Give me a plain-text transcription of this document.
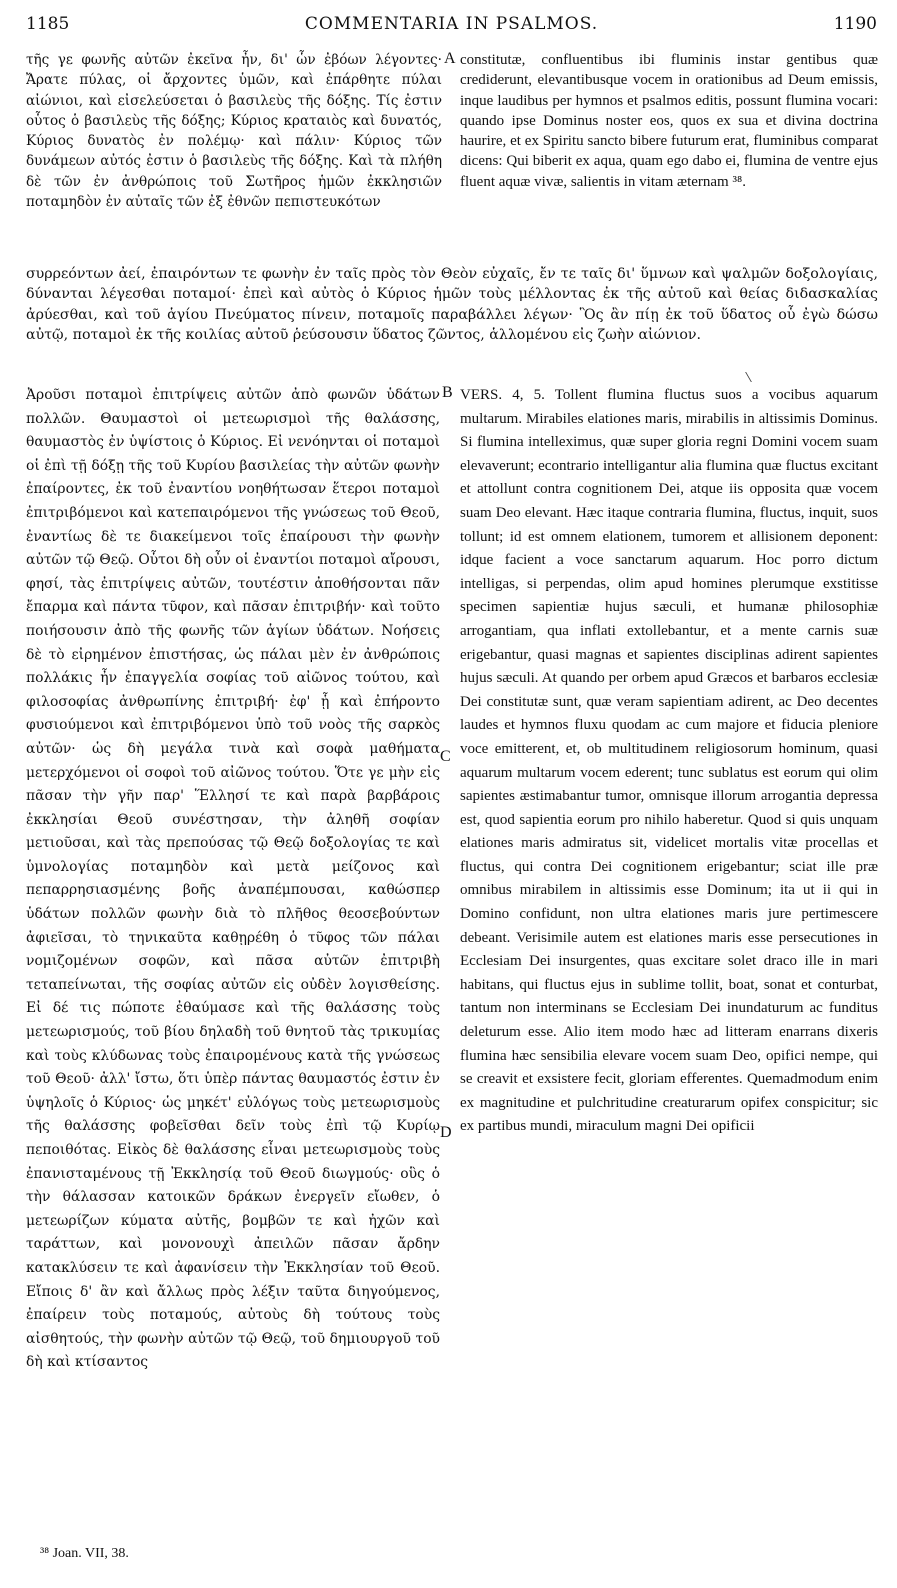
1185	COMMENTARIA IN PSALMOS.	1190

τῆς γε φωνῆς αὐτῶν ἐκεῖνα ἦν, δι' ὧν ἐβόων λέγοντες· Ἄρατε πύλας, οἱ ἄρχοντες ὑμῶν, καὶ ἐπάρθητε πύλαι αἰώνιοι, καὶ εἰσελεύσεται ὁ βασιλεὺς τῆς δόξης. Τίς ἐστιν οὗτος ὁ βασιλεὺς τῆς δόξης; Κύριος κραταιὸς καὶ δυνατός, Κύριος δυνατὸς ἐν πολέμῳ· καὶ πάλιν· Κύριος τῶν δυνάμεων αὐτός ἐστιν ὁ βασιλεὺς τῆς δόξης. Καὶ τὰ πλήθη δὲ τῶν ἐν ἀνθρώποις τοῦ Σωτῆρος ἡμῶν ἐκκλησιῶν ποταμηδὸν ἐν αὐταῖς τῶν ἐξ ἐθνῶν πεπιστευκότων

A constitutæ, confluentibus ibi fluminis instar gentibus quæ crediderunt, elevantibusque vocem in orationibus ad Deum emissis, inque laudibus per hymnos et psalmos editis, possunt flumina vocari: quando ipse Dominus noster eos, quos ex sua et divina doctrina haurire, et ex Spiritu sancto bibere futurum erat, fluminibus comparat dicens: Qui biberit ex aqua, quam ego dabo ei, flumina de ventre ejus fluent aquæ vivæ, salientis in vitam æternam ³⁸.

συρρεόντων ἀεί, ἐπαιρόντων τε φωνὴν ἐν ταῖς πρὸς τὸν Θεὸν εὐχαῖς, ἔν τε ταῖς δι' ὕμνων καὶ ψαλμῶν δοξολογίαις, δύνανται λέγεσθαι ποταμοί· ἐπεὶ καὶ αὐτὸς ὁ Κύριος ἡμῶν τοὺς μέλλοντας ἐκ τῆς αὐτοῦ καὶ θείας διδασκαλίας ἀρύεσθαι, καὶ τοῦ ἁγίου Πνεύματος πίνειν, ποταμοῖς παραβάλλει λέγων· Ὃς ἂν πίῃ ἐκ τοῦ ὕδατος οὗ ἐγὼ δώσω αὐτῷ, ποταμοὶ ἐκ τῆς κοιλίας αὐτοῦ ῥεύσουσιν ὕδατος ζῶντος, ἁλλομένου εἰς ζωὴν αἰώνιον.

Ἀροῦσι ποταμοὶ ἐπιτρίψεις αὐτῶν ἀπὸ φωνῶν ὑδάτων πολλῶν. Θαυμαστοὶ οἱ μετεωρισμοὶ τῆς θαλάσσης, θαυμαστὸς ἐν ὑψίστοις ὁ Κύριος. Εἰ νενόηνται οἱ ποταμοὶ οἱ ἐπὶ τῇ δόξῃ τῆς τοῦ Κυρίου βασιλείας τὴν αὐτῶν φωνὴν ἐπαίροντες, ἐκ τοῦ ἐναντίου νοηθήτωσαν ἕτεροι ποταμοὶ ἐπιτριβόμενοι καὶ κατεπαιρόμενοι τῆς γνώσεως τοῦ Θεοῦ, ἐναντίως δὲ τε διακείμενοι τοῖς ἐπαίρουσι τὴν φωνὴν αὐτῶν τῷ Θεῷ. Οὗτοι δὴ οὖν οἱ ἐναντίοι ποταμοὶ αἴρουσι, φησί, τὰς ἐπιτρίψεις αὐτῶν, τουτέστιν ἀποθήσονται πᾶν ἔπαρμα καὶ πάντα τῦφον, καὶ πᾶσαν ἐπιτριβήν· καὶ τοῦτο ποιήσουσιν ἀπὸ τῆς φωνῆς τῶν ἁγίων ὑδάτων. Νοήσεις δὲ τὸ εἰρημένον ἐπιστήσας, ὡς πάλαι μὲν ἐν ἀνθρώποις πολλάκις ἦν ἐπαγγελία σοφίας τοῦ αἰῶνος τούτου, καὶ φιλοσοφίας ἀνθρωπίνης ἐπιτριβή· ἐφ' ᾗ καὶ ἐπήροντο φυσιούμενοι καὶ ἐπιτριβόμενοι ὑπὸ τοῦ νοὸς τῆς σαρκὸς αὐτῶν· ὡς δὴ μεγάλα τινὰ καὶ σοφὰ μαθήματα μετερχόμενοι οἱ σοφοὶ τοῦ αἰῶνος τούτου. Ὅτε γε μὴν εἰς πᾶσαν τὴν γῆν παρ' Ἕλλησί τε καὶ παρὰ βαρβάροις ἐκκλησίαι Θεοῦ συνέστησαν, τὴν ἀληθῆ σοφίαν μετιοῦσαι, καὶ τὰς πρεπούσας τῷ Θεῷ δοξολογίας τε καὶ ὑμνολογίας ποταμηδὸν καὶ μετὰ μείζονος καὶ πεπαρρησιασμένης βοῆς ἀναπέμπουσαι, καθώσπερ ὑδάτων πολλῶν φωνὴν διὰ τὸ πλῆθος θεοσεβούντων ἀφιεῖσαι, τὸ τηνικαῦτα καθῃρέθη ὁ τῦφος τῶν πάλαι νομιζομένων σοφῶν, καὶ πᾶσα αὐτῶν ἐπιτριβὴ τεταπείνωται, τῆς σοφίας αὐτῶν εἰς οὐδὲν λογισθείσης. Εἰ δέ τις πώποτε ἐθαύμασε καὶ τῆς θαλάσσης τοὺς μετεωρισμούς, τοῦ βίου δηλαδὴ τοῦ θνητοῦ τὰς τρικυμίας καὶ τοὺς κλύδωνας τοὺς ἐπαιρομένους κατὰ τῆς γνώσεως τοῦ Θεοῦ· ἀλλ' ἴστω, ὅτι ὑπὲρ πάντας θαυμαστός ἐστιν ἐν ὑψηλοῖς ὁ Κύριος· ὡς μηκέτ' εὐλόγως τοὺς μετεωρισμοὺς τῆς θαλάσσης φοβεῖσθαι δεῖν τοὺς ἐπὶ τῷ Κυρίῳ πεποιθότας. Εἰκὸς δὲ θαλάσσης εἶναι μετεωρισμοὺς τοὺς ἐπανισταμένους τῇ Ἐκκλησίᾳ τοῦ Θεοῦ διωγμούς· οὓς ὁ τὴν θάλασσαν κατοικῶν δράκων ἐνεργεῖν εἴωθεν, ὁ μετεωρίζων κύματα αὐτῆς, βομβῶν τε καὶ ἠχῶν καὶ ταράττων, καὶ μονονουχὶ ἀπειλῶν πᾶσαν ἄρδην κατακλύσειν τε καὶ ἀφανίσειν τὴν Ἐκκλησίαν τοῦ Θεοῦ. Εἴποις δ' ἂν καὶ ἄλλως πρὸς λέξιν ταῦτα διηγούμενος, ἐπαίρειν τοὺς ποταμούς, αὐτοὺς δὴ τούτους τοὺς αἰσθητούς, τὴν φωνὴν αὐτῶν τῷ Θεῷ, τοῦ δημιουργοῦ τοῦ δὴ καὶ κτίσαντος

B
C
D

VERS. 4, 5. Tollent flumina fluctus suos a vocibus aquarum multarum. Mirabiles elationes maris, mirabilis in altissimis Dominus. Si flumina intelleximus, quæ super gloria regni Domini vocem suam elevaverunt; econtrario intelligantur alia flumina quæ fluctus excitant et attollunt contra cognitionem Dei, atque iis opposita quæ vocem suam Deo elevant. Hæc itaque contraria flumina, fluctus, inquit, suos tollunt; id est omnem elationem, tumorem et allisionem deponent: idque facient a voce sanctarum aquarum. Hoc porro dictum intelligas, si perpendas, olim apud homines plerumque exstitisse specimen sapientiæ hujus sæculi, et humanæ philosophiæ arrogantiam, qua inflati extollebantur, et a mente carnis suæ erigebantur, quasi magnas et sapientes disciplinas adirent sapientes hujus sæculi. At quando per orbem apud Græcos et barbaros ecclesiæ Dei constitutæ sunt, quæ veram sapientiam adirent, ac Deo decentes laudes et hymnos fluxu quodam ac cum majore et fiducia pleniore voce emitterent, et, ob multitudinem religiosorum hominum, quasi aquarum multarum vocem ederent; tunc sublatus est eorum qui olim sapientes æstimabantur tumor, omnisque illorum arrogantia depressa est, quod sapientia eorum pro nihilo haberetur. Quod si quis unquam elationes maris admiratus sit, videlicet mortalis vitæ procellas et fluctus, qui contra Dei cognitionem erigebantur; sciat ille præ omnibus mirabilem in altissimis esse Dominum; ita ut ii qui in Domino confidunt, non ultra elationes maris jure pertimescere debeant. Verisimile autem est elationes maris esse persecutiones in Ecclesiam Dei insurgentes, quas excitare solet draco ille in mari habitans, qui fluctus ejus in sublime tollit, boat, sonat et conturbat, tantum non interminans se Ecclesiam Dei inundaturum ac funditus deleturum esse. Alio item modo hæc ad litteram enarrans dixeris flumina hæc sensibilia elevare vocem suam Deo, opifici nempe, qui se creavit et exsistere fecit, gloriam efferentes. Quemadmodum enim ex magnitudine et pulchritudine creaturarum opifex conspicitur; sic ex partibus mundi, miraculum magni Dei opificii

³⁸ Joan. VII, 38.
